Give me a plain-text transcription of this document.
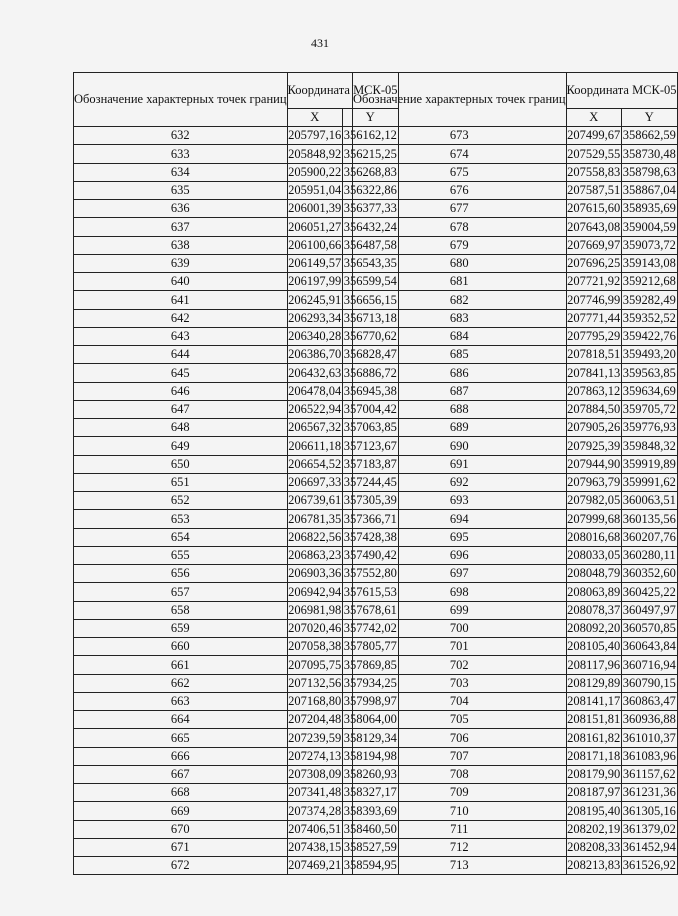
431
Обозначение характерных точек границ	Координата МСК-05	
	X	Y
632	205797,16	356162,12
633	205848,92	356215,25
634	205900,22	356268,83
635	205951,04	356322,86
636	206001,39	356377,33
637	206051,27	356432,24
638	206100,66	356487,58
639	206149,57	356543,35
640	206197,99	356599,54
641	206245,91	356656,15
642	206293,34	356713,18
643	206340,28	356770,62
644	206386,70	356828,47
645	206432,63	356886,72
646	206478,04	356945,38
647	206522,94	357004,42
648	206567,32	357063,85
649	206611,18	357123,67
650	206654,52	357183,87
651	206697,33	357244,45
652	206739,61	357305,39
653	206781,35	357366,71
654	206822,56	357428,38
655	206863,23	357490,42
656	206903,36	357552,80
657	206942,94	357615,53
658	206981,98	357678,61
659	207020,46	357742,02
660	207058,38	357805,77
661	207095,75	357869,85
662	207132,56	357934,25
663	207168,80	357998,97
664	207204,48	358064,00
665	207239,59	358129,34
666	207274,13	358194,98
667	207308,09	358260,93
668	207341,48	358327,17
669	207374,28	358393,69
670	207406,51	358460,50
671	207438,15	358527,59
672	207469,21	358594,95
Обозначение характерных точек границ	Координата МСК-05	
	X	Y
673	207499,67	358662,59
674	207529,55	358730,48
675	207558,83	358798,63
676	207587,51	358867,04
677	207615,60	358935,69
678	207643,08	359004,59
679	207669,97	359073,72
680	207696,25	359143,08
681	207721,92	359212,68
682	207746,99	359282,49
683	207771,44	359352,52
684	207795,29	359422,76
685	207818,51	359493,20
686	207841,13	359563,85
687	207863,12	359634,69
688	207884,50	359705,72
689	207905,26	359776,93
690	207925,39	359848,32
691	207944,90	359919,89
692	207963,79	359991,62
693	207982,05	360063,51
694	207999,68	360135,56
695	208016,68	360207,76
696	208033,05	360280,11
697	208048,79	360352,60
698	208063,89	360425,22
699	208078,37	360497,97
700	208092,20	360570,85
701	208105,40	360643,84
702	208117,96	360716,94
703	208129,89	360790,15
704	208141,17	360863,47
705	208151,81	360936,88
706	208161,82	361010,37
707	208171,18	361083,96
708	208179,90	361157,62
709	208187,97	361231,36
710	208195,40	361305,16
711	208202,19	361379,02
712	208208,33	361452,94
713	208213,83	361526,92
